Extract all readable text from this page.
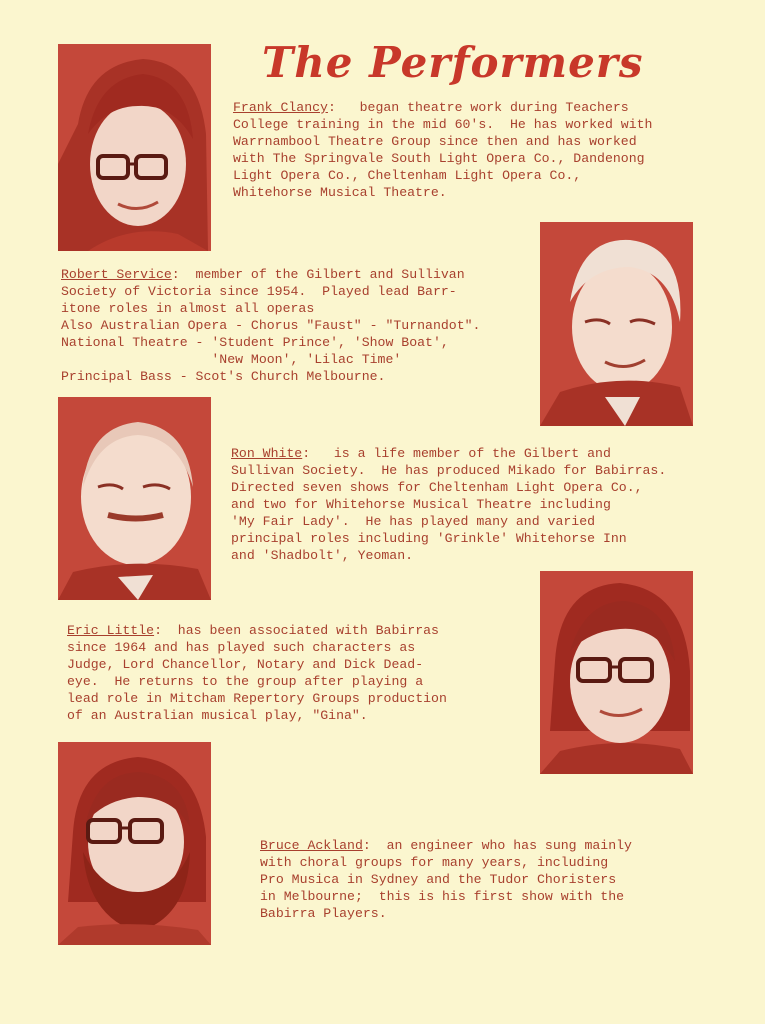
The Performers
Frank Clancy:   began theatre work during Teachers
College training in the mid 60's.  He has worked with
Warrnambool Theatre Group since then and has worked
with The Springvale South Light Opera Co., Dandenong
Light Opera Co., Cheltenham Light Opera Co.,
Whitehorse Musical Theatre.
Robert Service:  member of the Gilbert and Sullivan
Society of Victoria since 1954.  Played lead Barr-
itone roles in almost all operas
Also Australian Opera - Chorus "Faust" - "Turnandot".
National Theatre - 'Student Prince', 'Show Boat',
'New Moon', 'Lilac Time'
Principal Bass - Scot's Church Melbourne.
Ron White:   is a life member of the Gilbert and
Sullivan Society.  He has produced Mikado for Babirras.
Directed seven shows for Cheltenham Light Opera Co.,
and two for Whitehorse Musical Theatre including
'My Fair Lady'.  He has played many and varied
principal roles including 'Grinkle' Whitehorse Inn
and 'Shadbolt', Yeoman.
Eric Little:  has been associated with Babirras
since 1964 and has played such characters as
Judge, Lord Chancellor, Notary and Dick Dead-
eye.  He returns to the group after playing a
lead role in Mitcham Repertory Groups production
of an Australian musical play, "Gina".
Bruce Ackland:  an engineer who has sung mainly
with choral groups for many years, including
Pro Musica in Sydney and the Tudor Choristers
in Melbourne;  this is his first show with the
Babirra Players.
